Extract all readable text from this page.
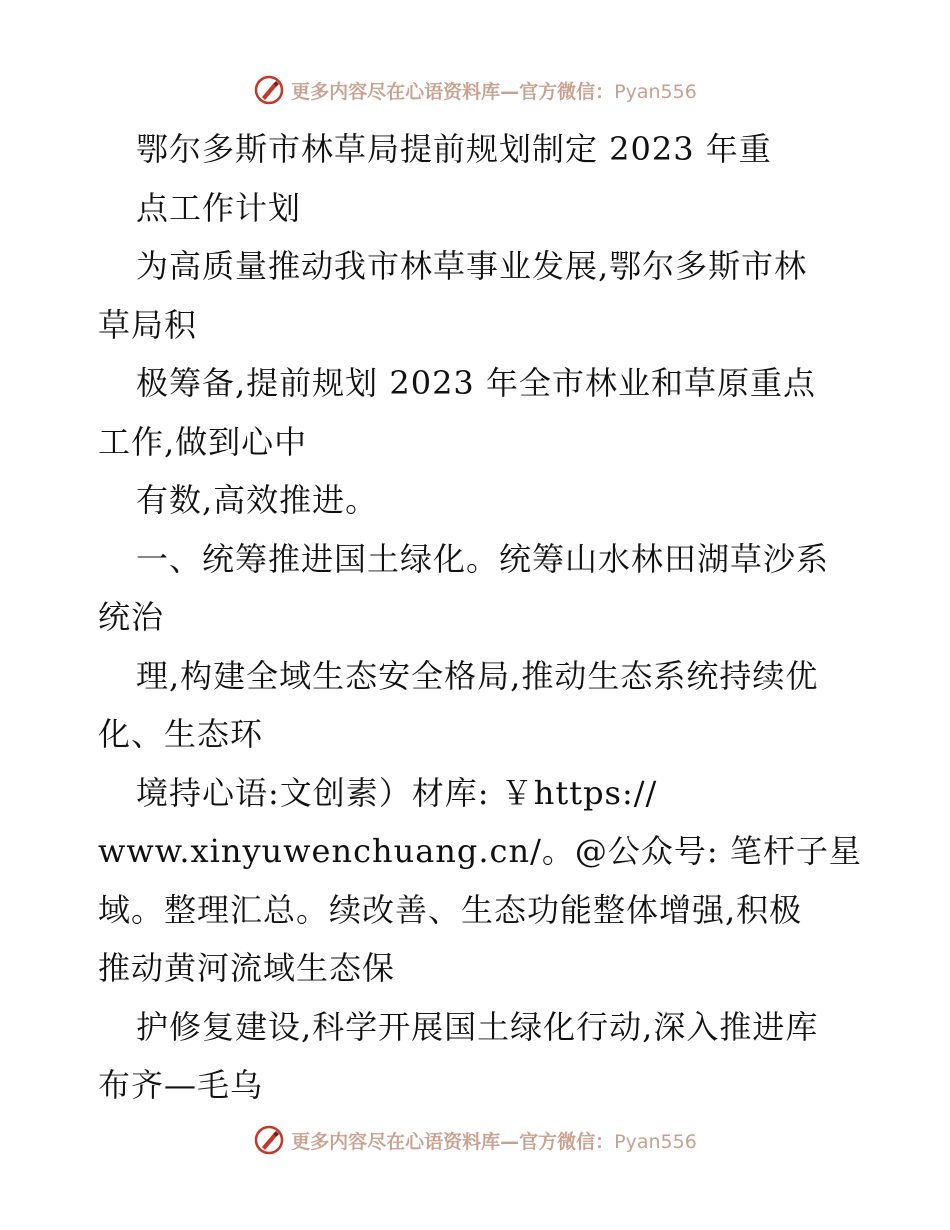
更多内容尽在心语资料库—官方微信：Pyan556
鄂尔多斯市林草局提前规划制定 2023 年重
点工作计划
为高质量推动我市林草事业发展,鄂尔多斯市林
草局积
极筹备,提前规划 2023 年全市林业和草原重点
工作,做到心中
有数,高效推进。
一、统筹推进国土绿化。统筹山水林田湖草沙系
统治
理,构建全域生态安全格局,推动生态系统持续优
化、生态环
境持心语:文创素）材库: ￥https://
www.xinyuwenchuang.cn/。@公众号: 笔杆子星
域。整理汇总。续改善、生态功能整体增强,积极
推动黄河流域生态保
护修复建设,科学开展国土绿化行动,深入推进库
布齐—毛乌
更多内容尽在心语资料库—官方微信：Pyan556
